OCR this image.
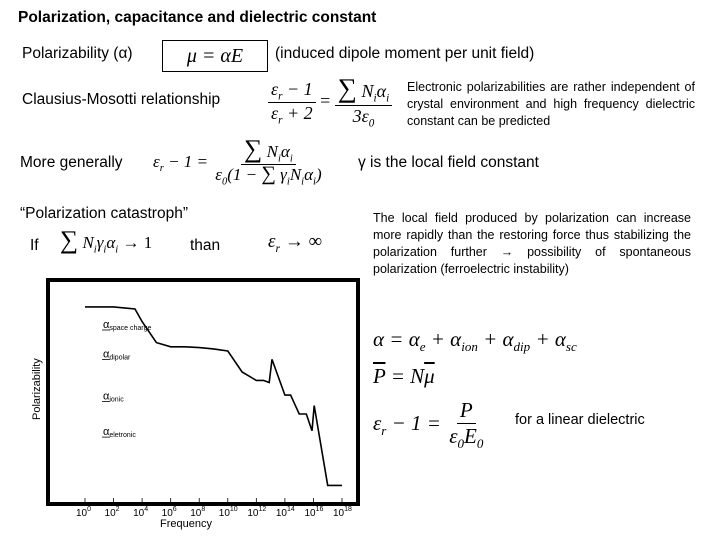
Polarization, capacitance and dielectric constant
Polarizability (α)	μ = αE	(induced dipole moment per unit field)
Clausius-Mosotti relationship	$\frac{\varepsilon_r - 1}{\varepsilon_r + 2} = \frac{\sum N_i\alpha_i}{3\varepsilon_0}$ Electronic polarizabilities are rather independent of crystal environment and high frequency dielectric constant can be predicted
More generally $\varepsilon_r - 1 = \frac{\sum N_i\alpha_i}{\varepsilon_0(1 - \sum \gamma_iN_i\alpha_i)}$ γ is the local field constant
“Polarization catastroph”
If ∑ $N_i\gamma_i\alpha_i \to 1$ than	$\varepsilon_r$ → ∞
The local field produced by polarization can increase more rapidly than the restoring force thus stabilizing the polarization further → possibility of spontaneous polarization (ferroelectric instability)
$\alpha = \alpha_e + \alpha_{ion} + \alpha_{dip} + \alpha_{sc}$
$\overline{P} = N\overline{\mu}$
$\varepsilon_r - 1 = \frac{P}{\varepsilon_0E_0}$ for a linear dielectric
αspace charge
αdipolar
αionic
αeletronic
$10^0$ $10^2$ $10^4$ $10^6$ $10^8$ $10^{10}$ $10^{12}$ $10^{14}$ $10^{16}$ $10^{18}$
Frequency
Polarizability
